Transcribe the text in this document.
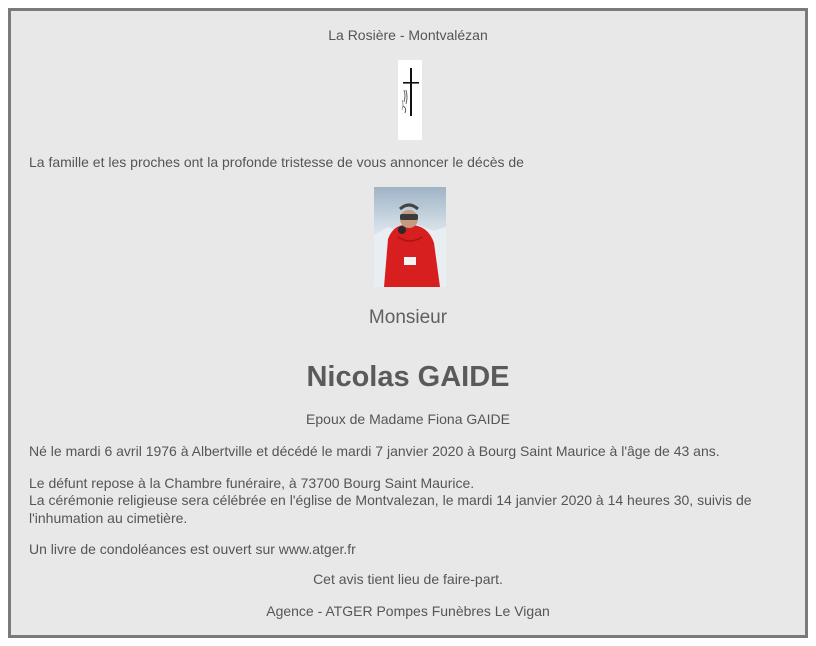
La Rosière - Montvalézan
La famille et les proches ont la profonde tristesse de vous annoncer le décès de
Monsieur
Nicolas GAIDE
Epoux de Madame Fiona GAIDE
Né le mardi 6 avril 1976 à Albertville et décédé le mardi 7 janvier 2020 à Bourg Saint Maurice à l'âge de 43 ans.
Le défunt repose à la Chambre funéraire, à 73700 Bourg Saint Maurice.
La cérémonie religieuse sera célébrée en l'église de Montvalezan, le mardi 14 janvier 2020 à 14 heures 30, suivis de l'inhumation au cimetière.
Un livre de condoléances est ouvert sur www.atger.fr
Cet avis tient lieu de faire-part.
Agence - ATGER Pompes Funèbres Le Vigan
